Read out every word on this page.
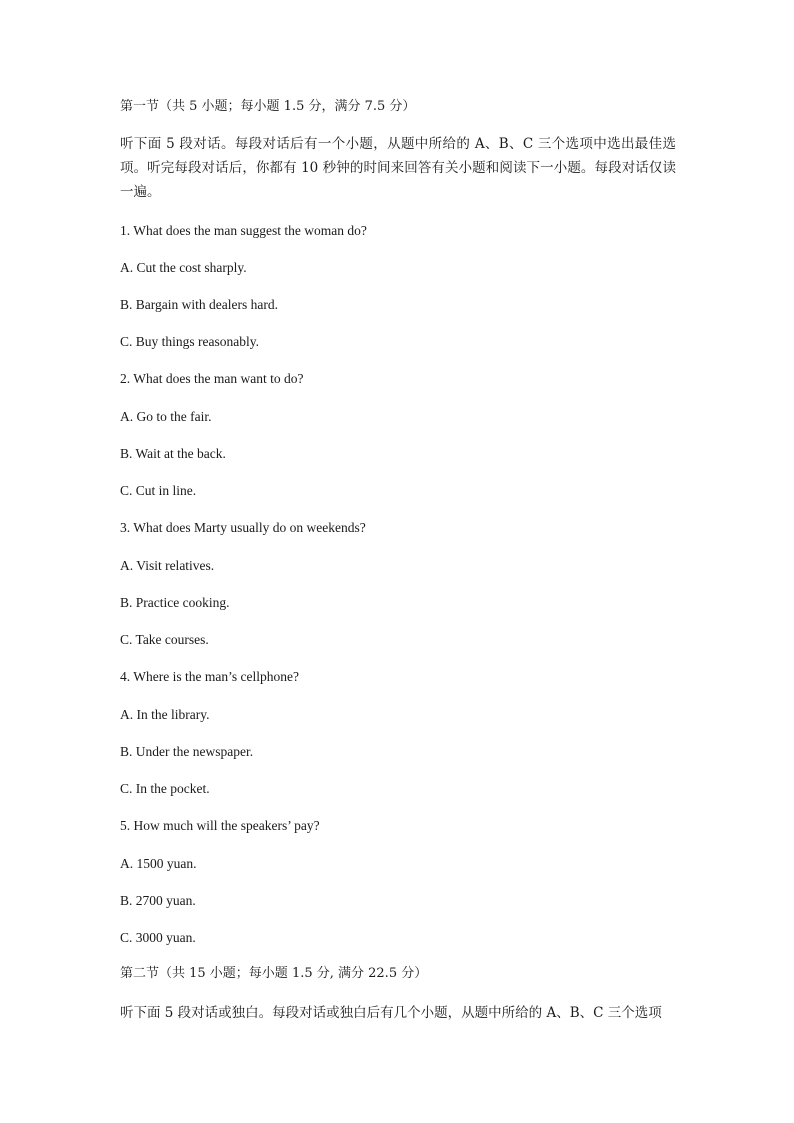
第一节（共 5 小题；每小题 1.5 分，满分 7.5 分）
听下面 5 段对话。每段对话后有一个小题，从题中所给的 A、B、C 三个选项中选出最佳选项。听完每段对话后，你都有 10 秒钟的时间来回答有关小题和阅读下一小题。每段对话仅读一遍。
1. What does the man suggest the woman do?
A. Cut the cost sharply.
B. Bargain with dealers hard.
C. Buy things reasonably.
2. What does the man want to do?
A. Go to the fair.
B. Wait at the back.
C. Cut in line.
3. What does Marty usually do on weekends?
A. Visit relatives.
B. Practice cooking.
C. Take courses.
4. Where is the man’s cellphone?
A. In the library.
B. Under the newspaper.
C. In the pocket.
5. How much will the speakers’ pay?
A. 1500 yuan.
B. 2700 yuan.
C. 3000 yuan.
第二节（共 15 小题；每小题 1.5 分, 满分 22.5 分）
听下面 5 段对话或独白。每段对话或独白后有几个小题，从题中所给的 A、B、C 三个选项
